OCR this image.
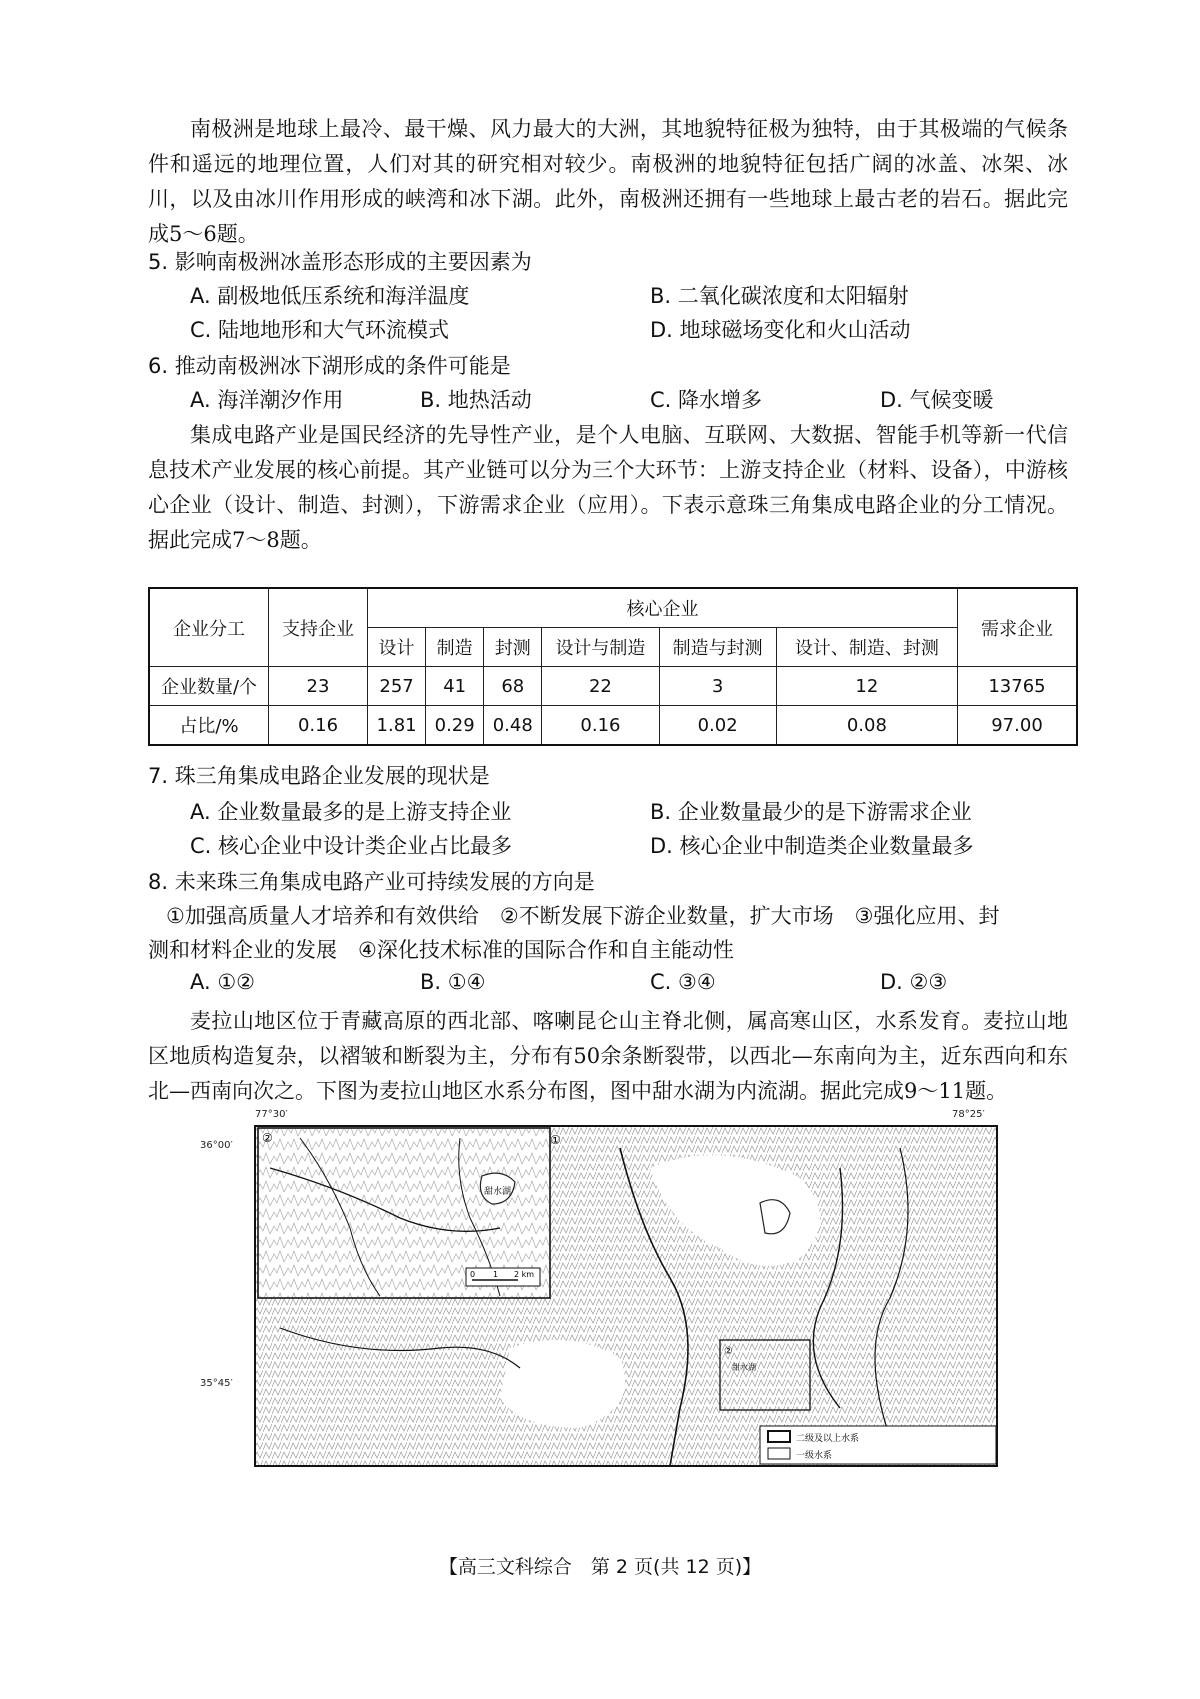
南极洲是地球上最冷、最干燥、风力最大的大洲，其地貌特征极为独特，由于其极端的气候条件和遥远的地理位置，人们对其的研究相对较少。南极洲的地貌特征包括广阔的冰盖、冰架、冰川，以及由冰川作用形成的峡湾和冰下湖。此外，南极洲还拥有一些地球上最古老的岩石。据此完成5～6题。
5. 影响南极洲冰盖形态形成的主要因素为
A. 副极地低压系统和海洋温度	B. 二氧化碳浓度和太阳辐射
C. 陆地地形和大气环流模式	D. 地球磁场变化和火山活动
6. 推动南极洲冰下湖形成的条件可能是
A. 海洋潮汐作用	B. 地热活动	C. 降水增多	D. 气候变暖
集成电路产业是国民经济的先导性产业，是个人电脑、互联网、大数据、智能手机等新一代信息技术产业发展的核心前提。其产业链可以分为三个大环节：上游支持企业（材料、设备），中游核心企业（设计、制造、封测），下游需求企业（应用）。下表示意珠三角集成电路企业的分工情况。据此完成7～8题。
企业分工	支持企业	核心企业						需求企业
		设计	制造	封测	设计与制造	制造与封测	设计、制造、封测	
企业数量/个	23	257	41	68	22	3	12	13765
占比/%	0.16	1.81	0.29	0.48	0.16	0.02	0.08	97.00
7. 珠三角集成电路企业发展的现状是
A. 企业数量最多的是上游支持企业	B. 企业数量最少的是下游需求企业
C. 核心企业中设计类企业占比最多	D. 核心企业中制造类企业数量最多
8. 未来珠三角集成电路产业可持续发展的方向是
①加强高质量人才培养和有效供给　②不断发展下游企业数量，扩大市场　③强化应用、封
测和材料企业的发展　④深化技术标准的国际合作和自主能动性
A. ①②	B. ①④	C. ③④	D. ②③
麦拉山地区位于青藏高原的西北部、喀喇昆仑山主脊北侧，属高寒山区，水系发育。麦拉山地区地质构造复杂，以褶皱和断裂为主，分布有50余条断裂带，以西北—东南向为主，近东西向和东北—西南向次之。下图为麦拉山地区水系分布图，图中甜水湖为内流湖。据此完成9～11题。
77°30′	78°25′
36°00′
35°45′
①
甜水湖
②
0 1 2 km
②
甜水湖
二级及以上水系
一级水系
【高三文科综合　第 2 页(共 12 页)】
